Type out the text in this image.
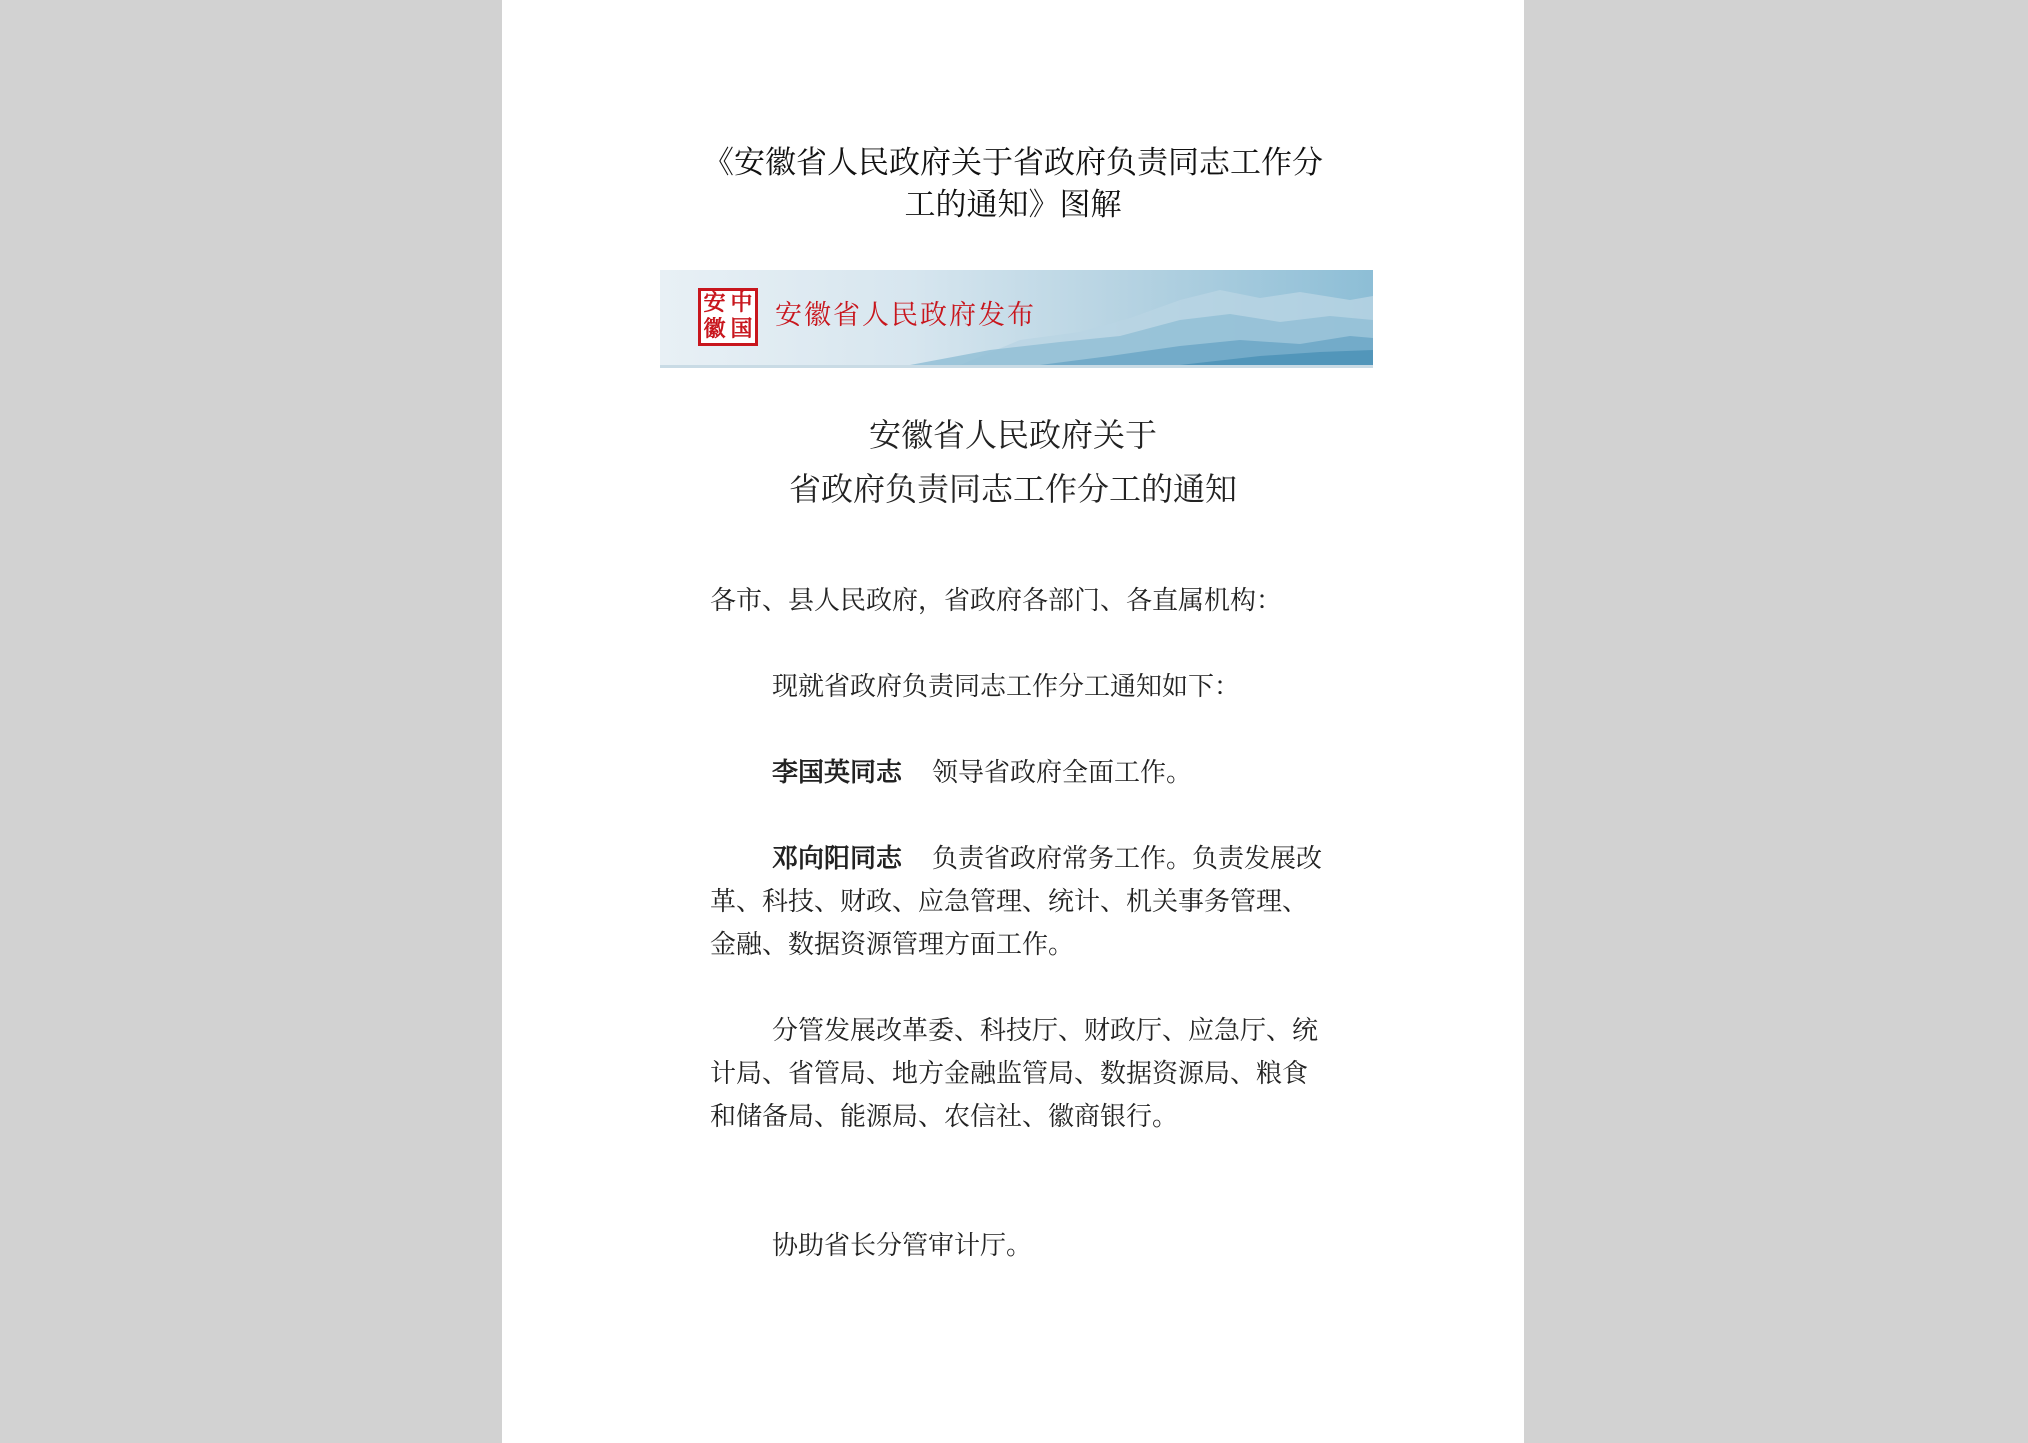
《安徽省人民政府关于省政府负责同志工作分
工的通知》图解
安 中
徽 国 安徽省人民政府发布
安徽省人民政府关于
省政府负责同志工作分工的通知

各市、县人民政府，省政府各部门、各直属机构：

现就省政府负责同志工作分工通知如下：

李国英同志 领导省政府全面工作。

邓向阳同志 负责省政府常务工作。负责发展改革、科技、财政、应急管理、统计、机关事务管理、金融、数据资源管理方面工作。

分管发展改革委、科技厅、财政厅、应急厅、统计局、省管局、地方金融监管局、数据资源局、粮食和储备局、能源局、农信社、徽商银行。

协助省长分管审计厅。
